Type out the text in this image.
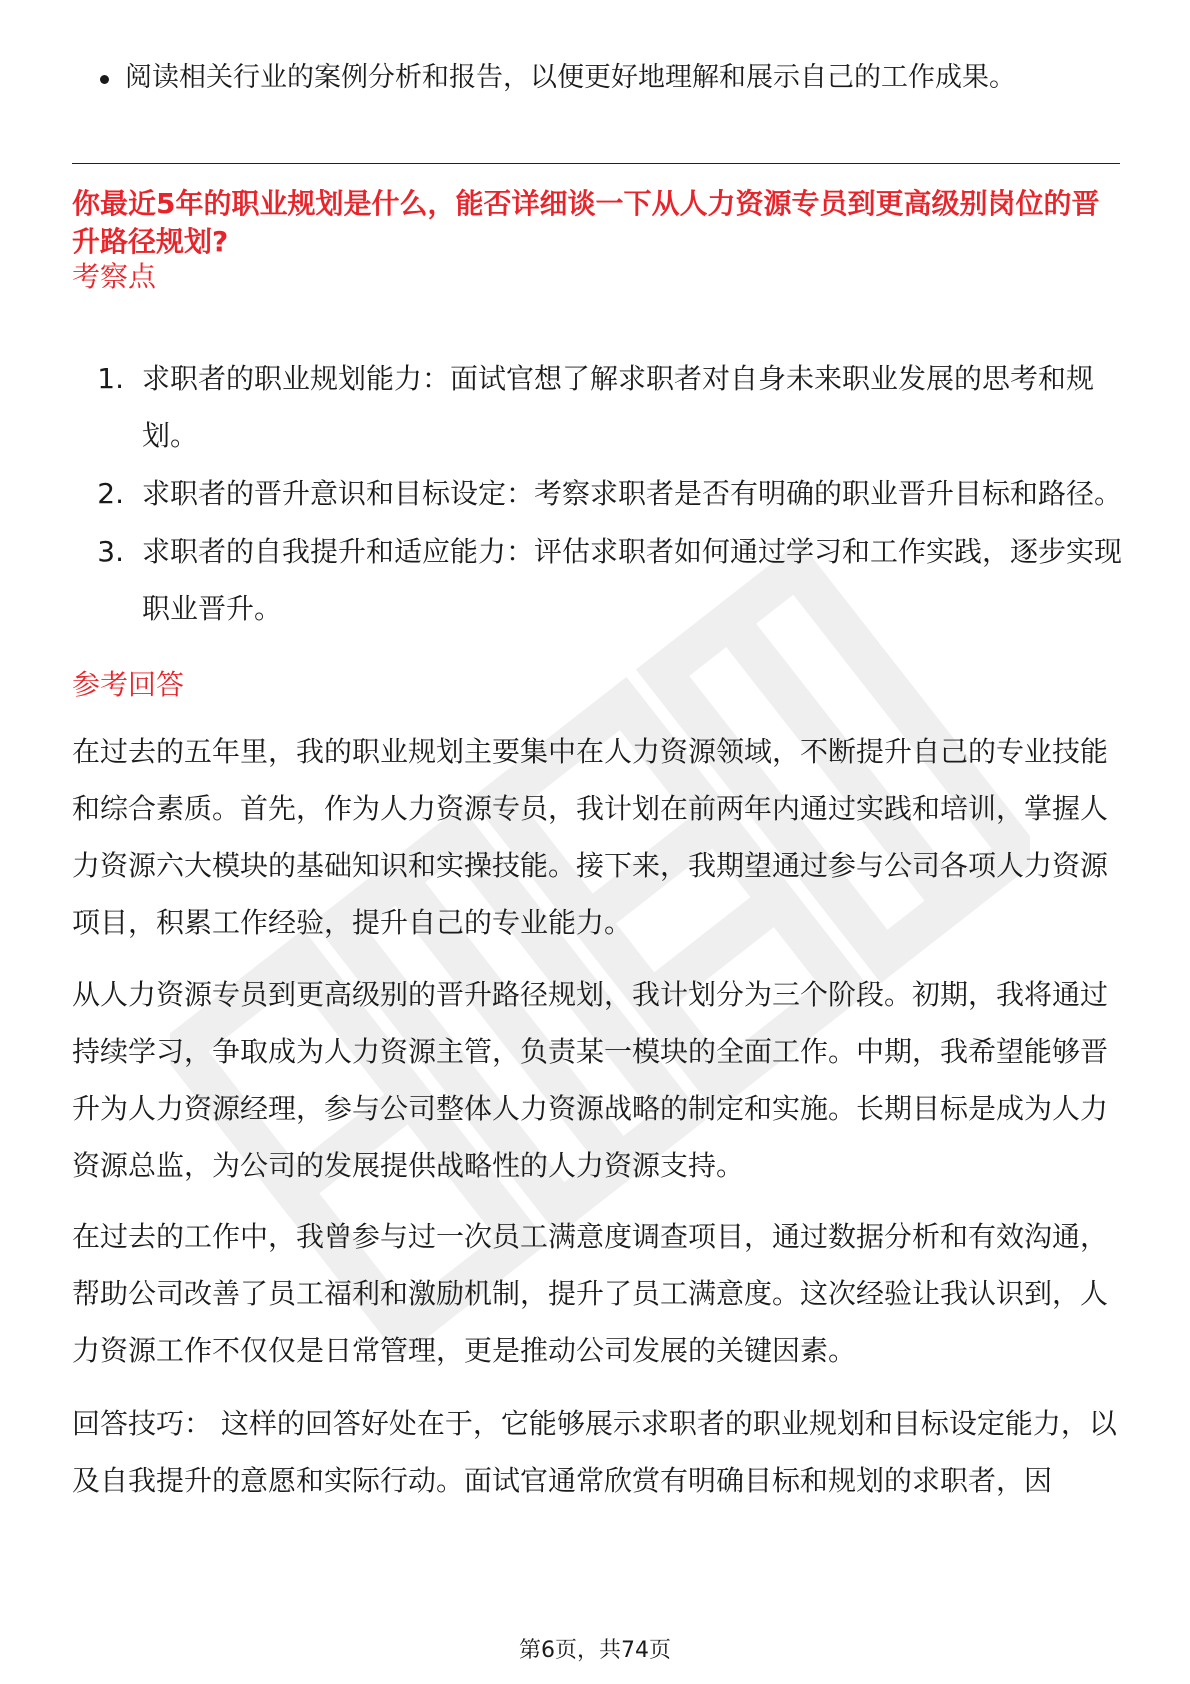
阅读相关行业的案例分析和报告，以便更好地理解和展示自己的工作成果。
你最近5年的职业规划是什么，能否详细谈一下从人力资源专员到更高级别岗位的晋升路径规划?
考察点
1. 求职者的职业规划能力：面试官想了解求职者对自身未来职业发展的思考和规划。
2. 求职者的晋升意识和目标设定：考察求职者是否有明确的职业晋升目标和路径。
3. 求职者的自我提升和适应能力：评估求职者如何通过学习和工作实践，逐步实现职业晋升。
参考回答

在过去的五年里，我的职业规划主要集中在人力资源领域，不断提升自己的专业技能和综合素质。首先，作为人力资源专员，我计划在前两年内通过实践和培训，掌握人力资源六大模块的基础知识和实操技能。接下来，我期望通过参与公司各项人力资源项目，积累工作经验，提升自己的专业能力。

从人力资源专员到更高级别的晋升路径规划，我计划分为三个阶段。初期，我将通过持续学习，争取成为人力资源主管，负责某一模块的全面工作。中期，我希望能够晋升为人力资源经理，参与公司整体人力资源战略的制定和实施。长期目标是成为人力资源总监，为公司的发展提供战略性的人力资源支持。

在过去的工作中，我曾参与过一次员工满意度调查项目，通过数据分析和有效沟通，帮助公司改善了员工福利和激励机制，提升了员工满意度。这次经验让我认识到，人力资源工作不仅仅是日常管理，更是推动公司发展的关键因素。

回答技巧： 这样的回答好处在于，它能够展示求职者的职业规划和目标设定能力，以及自我提升的意愿和实际行动。面试官通常欣赏有明确目标和规划的求职者，因

第6页，共74页
